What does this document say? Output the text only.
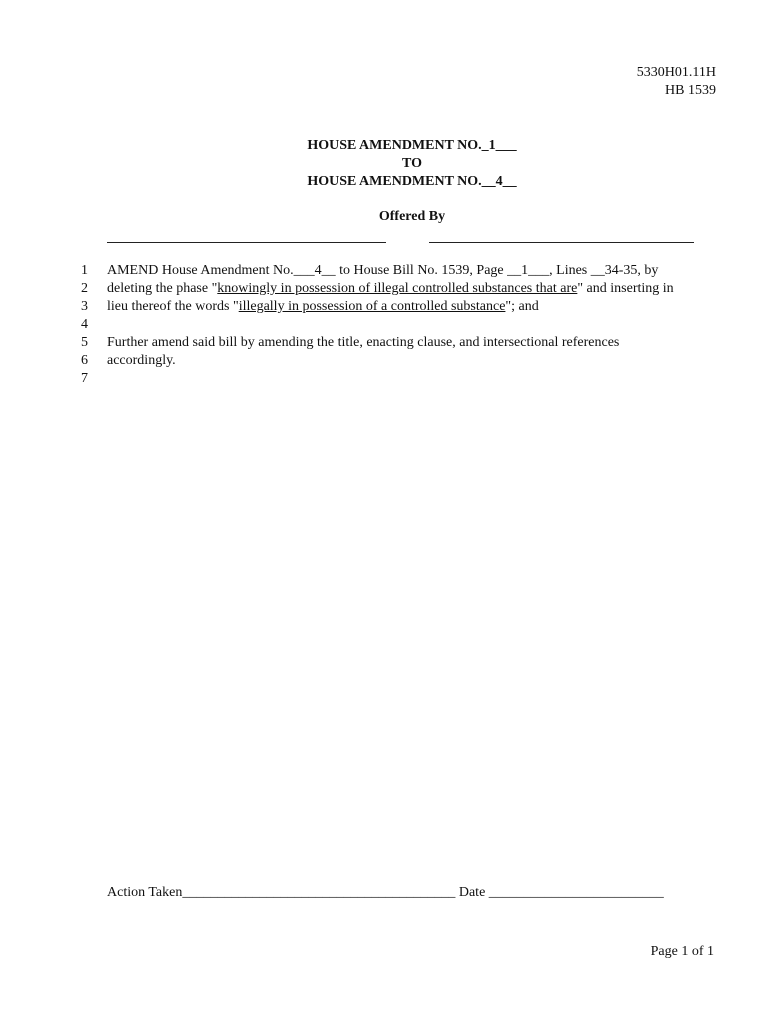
5330H01.11H
HB 1539
HOUSE AMENDMENT NO._1___
TO
HOUSE AMENDMENT NO.__4__
Offered By
1
2
3
4
5
6
7
AMEND House Amendment No.___4__ to House Bill No. 1539, Page __1___, Lines __34-35, by
deleting the phase "knowingly in possession of illegal controlled substances that are" and inserting in
lieu thereof the words "illegally in possession of a controlled substance"; and
Further amend said bill by amending the title, enacting clause, and intersectional references
accordingly.
Action Taken_______________________________________ Date _________________________
Page 1 of 1
